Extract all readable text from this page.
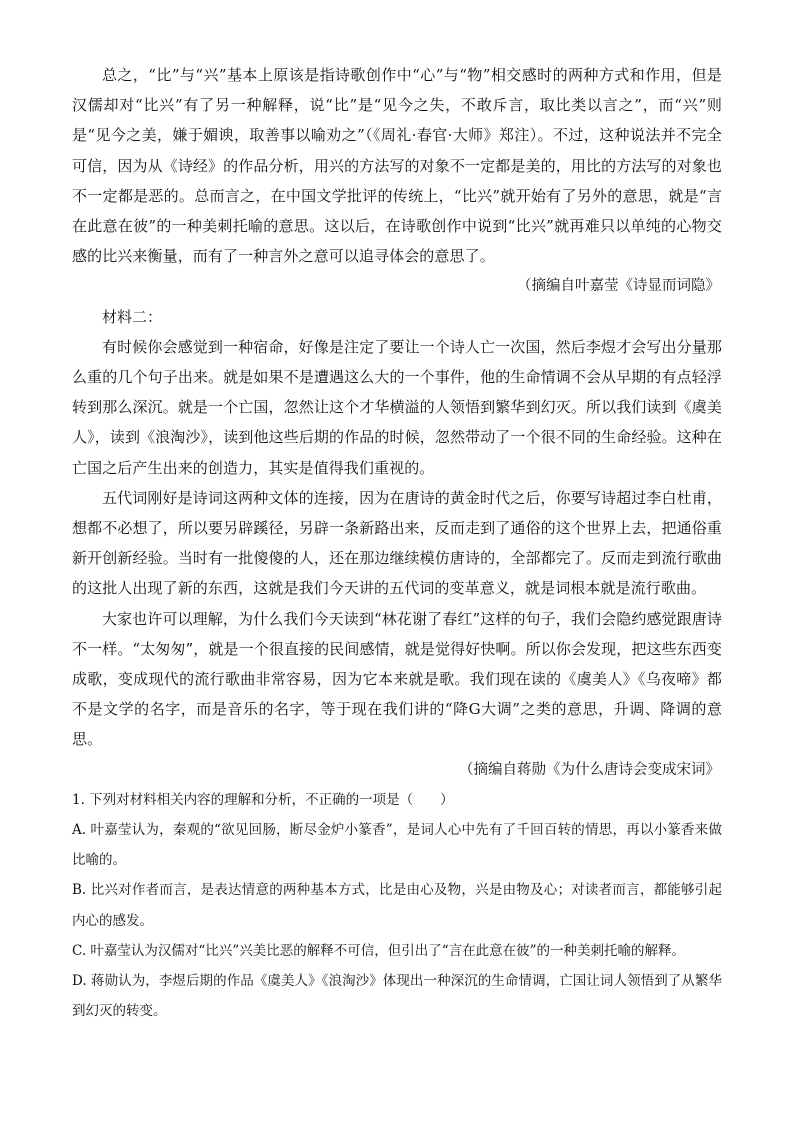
总之，“比”与“兴”基本上原该是指诗歌创作中“心”与“物”相交感时的两种方式和作用，但是汉儒却对“比兴”有了另一种解释，说“比”是“见今之失，不敢斥言，取比类以言之”，而“兴”则是“见今之美，嫌于媚谀，取善事以喻劝之”（《周礼·春官·大师》郑注）。不过，这种说法并不完全可信，因为从《诗经》的作品分析，用兴的方法写的对象不一定都是美的，用比的方法写的对象也不一定都是恶的。总而言之，在中国文学批评的传统上，“比兴”就开始有了另外的意思，就是“言在此意在彼”的一种美刺托喻的意思。这以后，在诗歌创作中说到“比兴”就再难只以单纯的心物交感的比兴来衡量，而有了一种言外之意可以追寻体会的意思了。

（摘编自叶嘉莹《诗显而词隐》

材料二：

有时候你会感觉到一种宿命，好像是注定了要让一个诗人亡一次国，然后李煜才会写出分量那么重的几个句子出来。就是如果不是遭遇这么大的一个事件，他的生命情调不会从早期的有点轻浮转到那么深沉。就是一个亡国，忽然让这个才华横溢的人领悟到繁华到幻灭。所以我们读到《虞美人》，读到《浪淘沙》，读到他这些后期的作品的时候，忽然带动了一个很不同的生命经验。这种在亡国之后产生出来的创造力，其实是值得我们重视的。

五代词刚好是诗词这两种文体的连接，因为在唐诗的黄金时代之后，你要写诗超过李白杜甫，想都不必想了，所以要另辟蹊径，另辟一条新路出来，反而走到了通俗的这个世界上去，把通俗重新开创新经验。当时有一批傻傻的人，还在那边继续模仿唐诗的，全部都完了。反而走到流行歌曲的这批人出现了新的东西，这就是我们今天讲的五代词的变革意义，就是词根本就是流行歌曲。

大家也许可以理解，为什么我们今天读到“林花谢了春红”这样的句子，我们会隐约感觉跟唐诗不一样。“太匆匆”，就是一个很直接的民间感情，就是觉得好快啊。所以你会发现，把这些东西变成歌，变成现代的流行歌曲非常容易，因为它本来就是歌。我们现在读的《虞美人》《乌夜啼》都不是文学的名字，而是音乐的名字，等于现在我们讲的“降G大调”之类的意思，升调、降调的意思。

（摘编自蒋勋《为什么唐诗会变成宋词》

1. 下列对材料相关内容的理解和分析，不正确的一项是（　　）

A. 叶嘉莹认为，秦观的“欲见回肠，断尽金炉小篆香”，是词人心中先有了千回百转的情思，再以小篆香来做比喻的。

B. 比兴对作者而言，是表达情意的两种基本方式，比是由心及物，兴是由物及心；对读者而言，都能够引起内心的感发。

C. 叶嘉莹认为汉儒对“比兴”兴美比恶的解释不可信，但引出了“言在此意在彼”的一种美刺托喻的解释。

D. 蒋勋认为，李煜后期的作品《虞美人》《浪淘沙》体现出一种深沉的生命情调，亡国让词人领悟到了从繁华到幻灭的转变。
